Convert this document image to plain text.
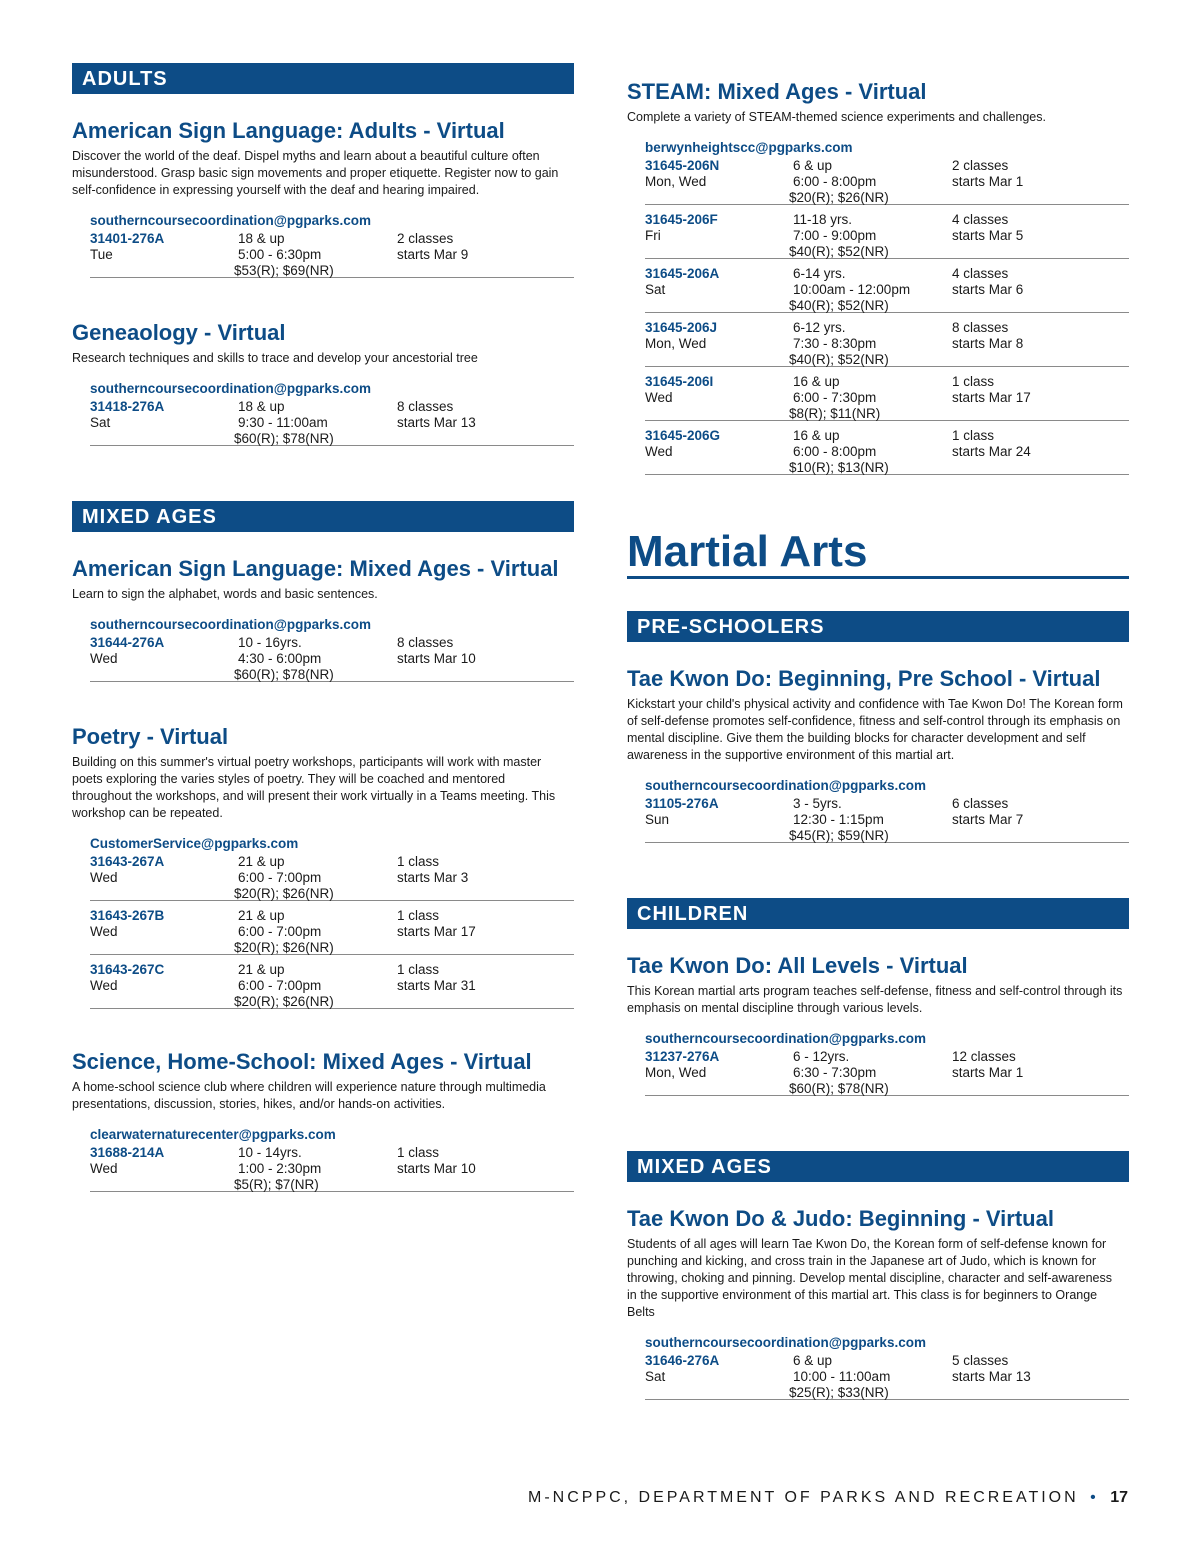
ADULTS
American Sign Language: Adults - Virtual

Discover the world of the deaf. Dispel myths and learn about a beautiful culture often misunderstood. Grasp basic sign movements and proper etiquette. Register now to gain self-confidence in expressing yourself with the deaf and hearing impaired.

southerncoursecoordination@pgparks.com
31401-276A
Tue
18 & up
5:00 - 6:30pm
$53(R); $69(NR)
2 classes
starts Mar 9
Geneaology - Virtual

Research techniques and skills to trace and develop your ancestorial tree

southerncoursecoordination@pgparks.com
31418-276A
Sat
18 & up
9:30 - 11:00am
$60(R); $78(NR)
8 classes
starts Mar 13
MIXED AGES
American Sign Language: Mixed Ages - Virtual

Learn to sign the alphabet, words and basic sentences.

southerncoursecoordination@pgparks.com
31644-276A
Wed
10 - 16yrs.
4:30 - 6:00pm
$60(R); $78(NR)
8 classes
starts Mar 10
Poetry - Virtual

Building on this summer's virtual poetry workshops, participants will work with master poets exploring the varies styles of poetry. They will be coached and mentored throughout the workshops, and will present their work virtually in a Teams meeting. This workshop can be repeated.

CustomerService@pgparks.com
31643-267A
Wed
21 & up
6:00 - 7:00pm
$20(R); $26(NR)
1 class
starts Mar 3
31643-267B
Wed
21 & up
6:00 - 7:00pm
$20(R); $26(NR)
1 class
starts Mar 17
31643-267C
Wed
21 & up
6:00 - 7:00pm
$20(R); $26(NR)
1 class
starts Mar 31
Science, Home-School: Mixed Ages - Virtual

A home-school science club where children will experience nature through multimedia presentations, discussion, stories, hikes, and/or hands-on activities.

clearwaternaturecenter@pgparks.com
31688-214A
Wed
10 - 14yrs.
1:00 - 2:30pm
$5(R); $7(NR)
1 class
starts Mar 10
STEAM: Mixed Ages - Virtual

Complete a variety of STEAM-themed science experiments and challenges.

berwynheightscc@pgparks.com
31645-206N
Mon, Wed
6 & up
6:00 - 8:00pm
$20(R); $26(NR)
2 classes
starts Mar 1
31645-206F
Fri
11-18 yrs.
7:00 - 9:00pm
$40(R); $52(NR)
4 classes
starts Mar 5
31645-206A
Sat
6-14 yrs.
10:00am - 12:00pm
$40(R); $52(NR)
4 classes
starts Mar 6
31645-206J
Mon, Wed
6-12 yrs.
7:30 - 8:30pm
$40(R); $52(NR)
8 classes
starts Mar 8
31645-206I
Wed
16 & up
6:00 - 7:30pm
$8(R); $11(NR)
1 class
starts Mar 17
31645-206G
Wed
16 & up
6:00 - 8:00pm
$10(R); $13(NR)
1 class
starts Mar 24
Martial Arts
PRE-SCHOOLERS
Tae Kwon Do: Beginning, Pre School - Virtual

Kickstart your child's physical activity and confidence with Tae Kwon Do! The Korean form of self-defense promotes self-confidence, fitness and self-control through its emphasis on mental discipline. Give them the building blocks for character development and self awareness in the supportive environment of this martial art.

southerncoursecoordination@pgparks.com
31105-276A
Sun
3 - 5yrs.
12:30 - 1:15pm
$45(R); $59(NR)
6 classes
starts Mar 7
CHILDREN
Tae Kwon Do: All Levels - Virtual

This Korean martial arts program teaches self-defense, fitness and self-control through its emphasis on mental discipline through various levels.

southerncoursecoordination@pgparks.com
31237-276A
Mon, Wed
6 - 12yrs.
6:30 - 7:30pm
$60(R); $78(NR)
12 classes
starts Mar 1
MIXED AGES
Tae Kwon Do & Judo: Beginning - Virtual

Students of all ages will learn Tae Kwon Do, the Korean form of self-defense known for punching and kicking, and cross train in the Japanese art of Judo, which is known for throwing, choking and pinning. Develop mental discipline, character and self-awareness in the supportive environment of this martial art. This class is for beginners to Orange Belts

southerncoursecoordination@pgparks.com
31646-276A
Sat
6 & up
10:00 - 11:00am
$25(R); $33(NR)
5 classes
starts Mar 13
M-NCPPC, DEPARTMENT OF PARKS AND RECREATION • 17
